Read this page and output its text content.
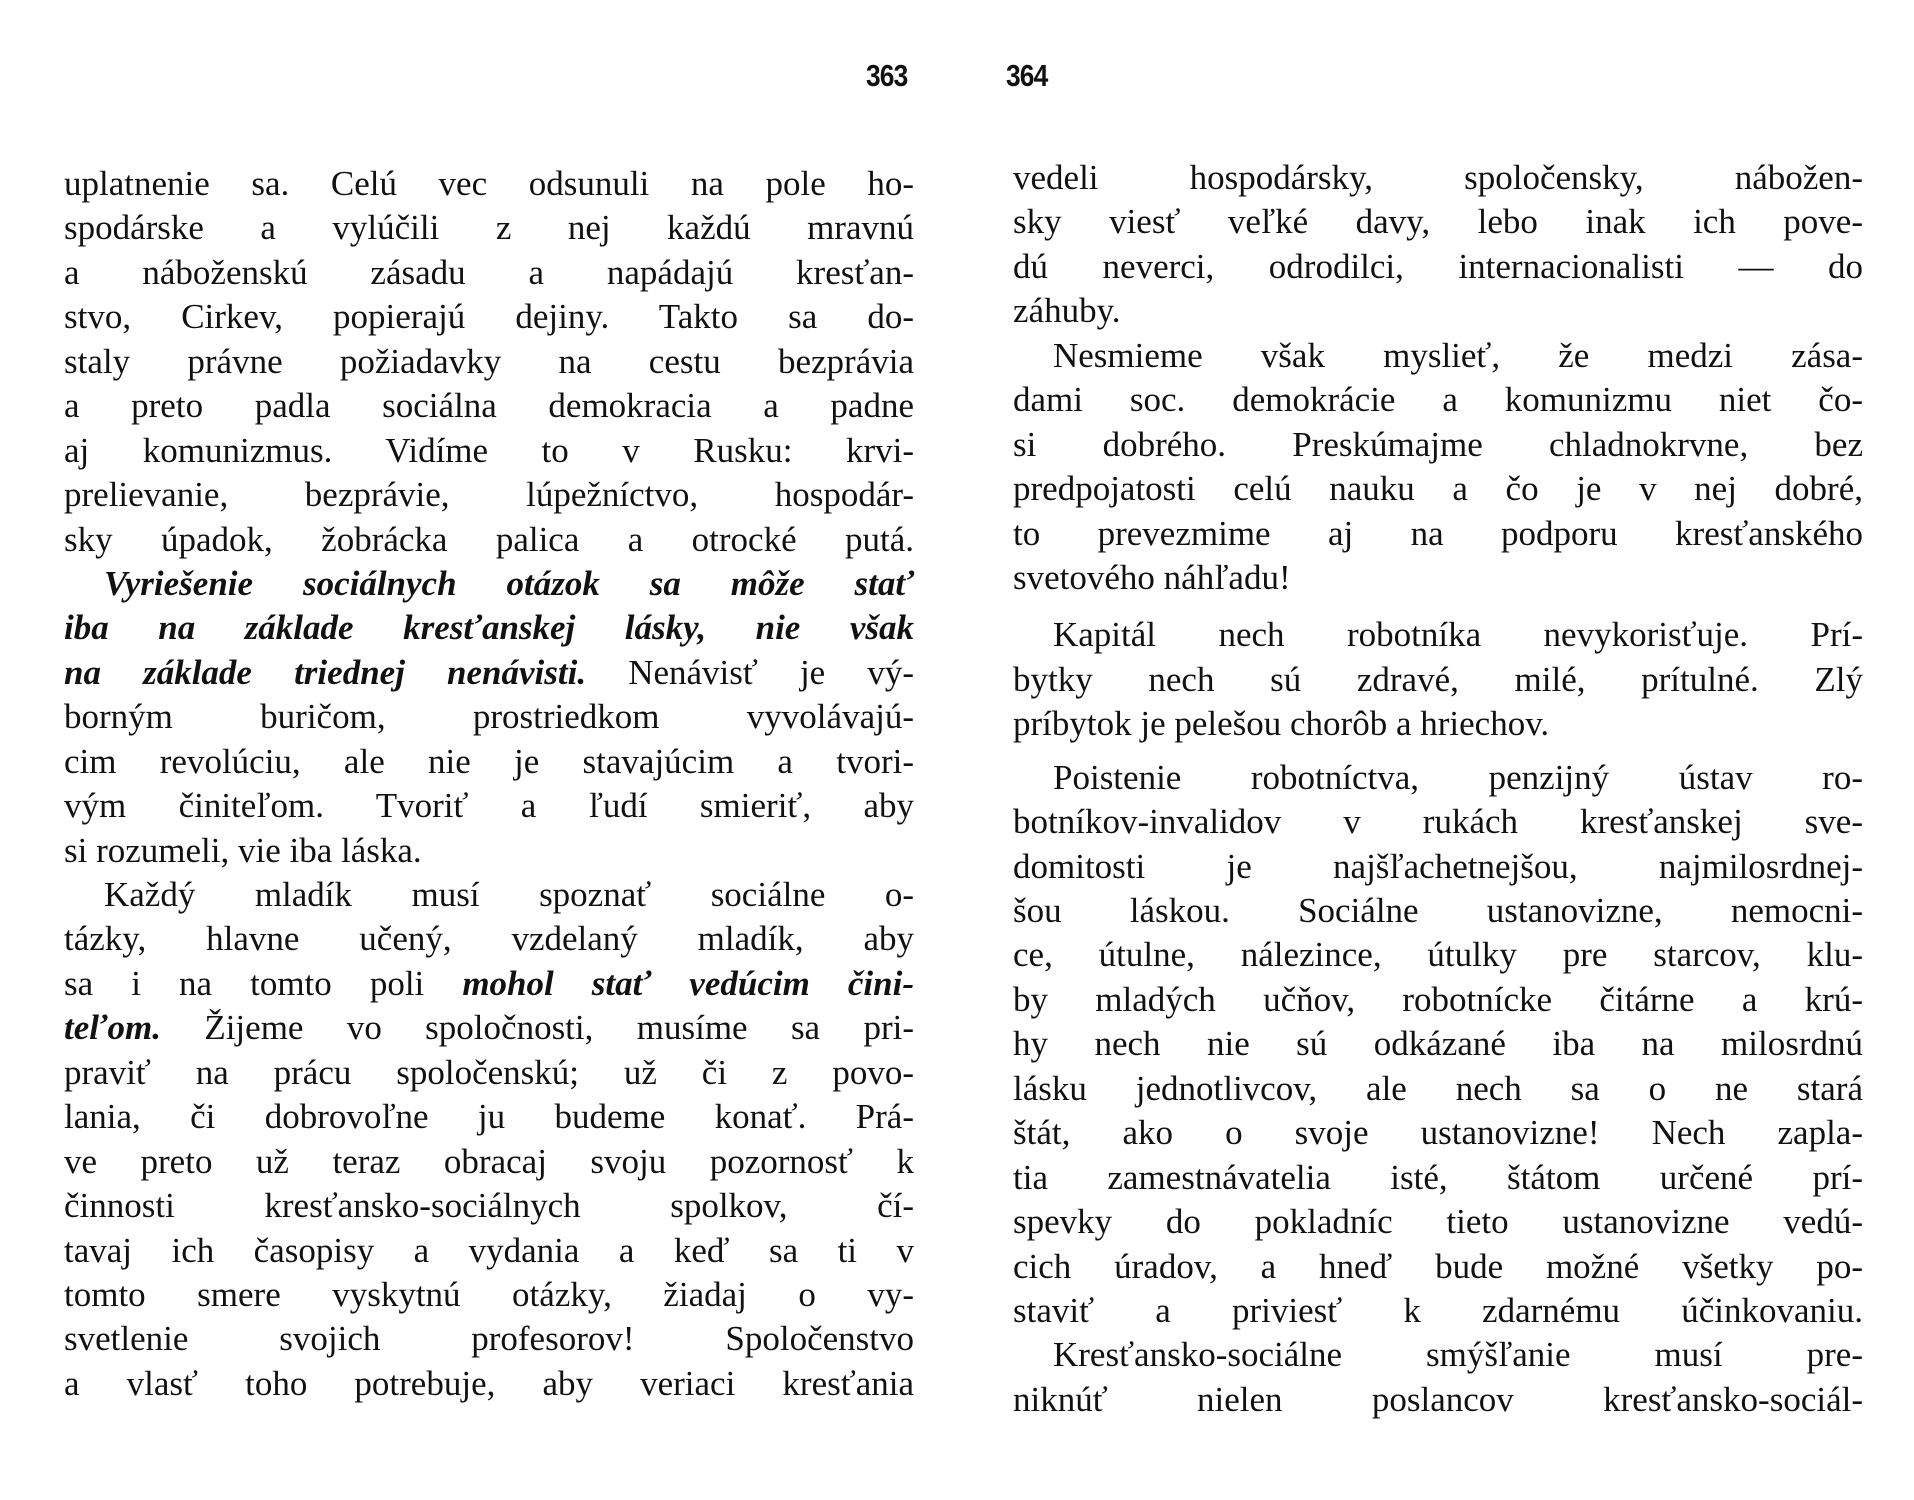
363	364
uplatnenie sa. Celú vec odsunuli na pole ho-
spodárske a vylúčili z nej každú mravnú
a náboženskú zásadu a napádajú kresťan-
stvo, Cirkev, popierajú dejiny. Takto sa do-
staly právne požiadavky na cestu bezprávia
a preto padla sociálna demokracia a padne
aj komunizmus. Vidíme to v Rusku: krvi-
prelievanie, bezprávie, lúpežníctvo, hospodár-
sky úpadok, žobrácka palica a otrocké putá.
Vyriešenie sociálnych otázok sa môže stať
iba na základe kresťanskej lásky, nie však
na základe triednej nenávisti. Nenávisť je vý-
borným buričom, prostriedkom vyvolávajú-
cim revolúciu, ale nie je stavajúcim a tvori-
vým činiteľom. Tvoriť a ľudí smieriť, aby
si rozumeli, vie iba láska.
Každý mladík musí spoznať sociálne o-
tázky, hlavne učený, vzdelaný mladík, aby
sa i na tomto poli mohol stať vedúcim čini-
teľom. Žijeme vo spoločnosti, musíme sa pri-
praviť na prácu spoločenskú; už či z povo-
lania, či dobrovoľne ju budeme konať. Prá-
ve preto už teraz obracaj svoju pozornosť k
činnosti kresťansko-sociálnych spolkov, čí-
tavaj ich časopisy a vydania a keď sa ti v
tomto smere vyskytnú otázky, žiadaj o vy-
svetlenie svojich profesorov! Spoločenstvo
a vlasť toho potrebuje, aby veriaci kresťania
vedeli hospodársky, spoločensky, nábožen-
sky viesť veľké davy, lebo inak ich pove-
dú neverci, odrodilci, internacionalisti — do
záhuby.
Nesmieme však myslieť, že medzi zása-
dami soc. demokrácie a komunizmu niet čo-
si dobrého. Preskúmajme chladnokrvne, bez
predpojatosti celú nauku a čo je v nej dobré,
to prevezmime aj na podporu kresťanského
svetového náhľadu!
Kapitál nech robotníka nevykorisťuje. Prí-
bytky nech sú zdravé, milé, prítulné. Zlý
príbytok je pelešou chorôb a hriechov.
Poistenie robotníctva, penzijný ústav ro-
botníkov-invalidov v rukách kresťanskej sve-
domitosti je najšľachetnejšou, najmilosrdnej-
šou láskou. Sociálne ustanovizne, nemocni-
ce, útulne, nálezince, útulky pre starcov, klu-
by mladých učňov, robotnícke čitárne a krú-
hy nech nie sú odkázané iba na milosrdnú
lásku jednotlivcov, ale nech sa o ne stará
štát, ako o svoje ustanovizne! Nech zapla-
tia zamestnávatelia isté, štátom určené prí-
spevky do pokladníc tieto ustanovizne vedú-
cich úradov, a hneď bude možné všetky po-
staviť a priviesť k zdarnému účinkovaniu.
Kresťansko-sociálne smýšľanie musí pre-
niknúť nielen poslancov kresťansko-sociál-
